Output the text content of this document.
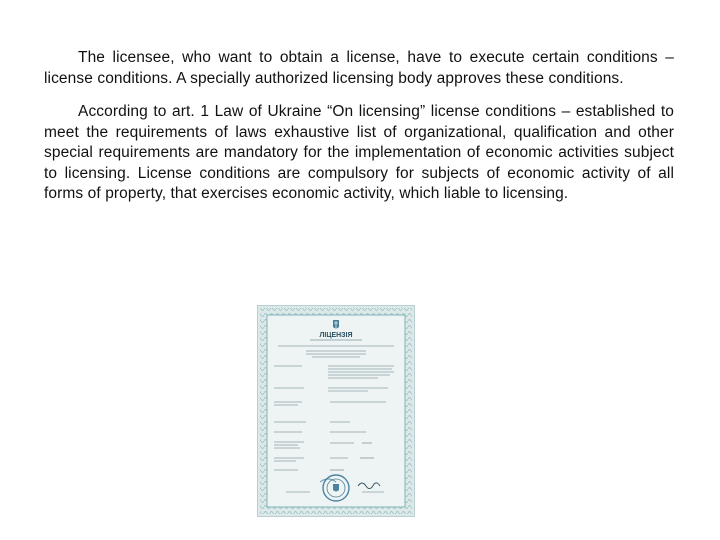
The licensee, who want to obtain a license, have to execute certain conditions – license conditions. A specially authorized licensing body approves these conditions.

According to art. 1 Law of Ukraine “On licensing” license conditions – established to meet the requirements of laws exhaustive list of organizational, qualification and other special requirements are mandatory for the implementation of economic activities subject to licensing. License conditions are compulsory for subjects of economic activity of all forms of property, that exercises economic activity, which liable to licensing.

ЛІЦЕНЗІЯ
